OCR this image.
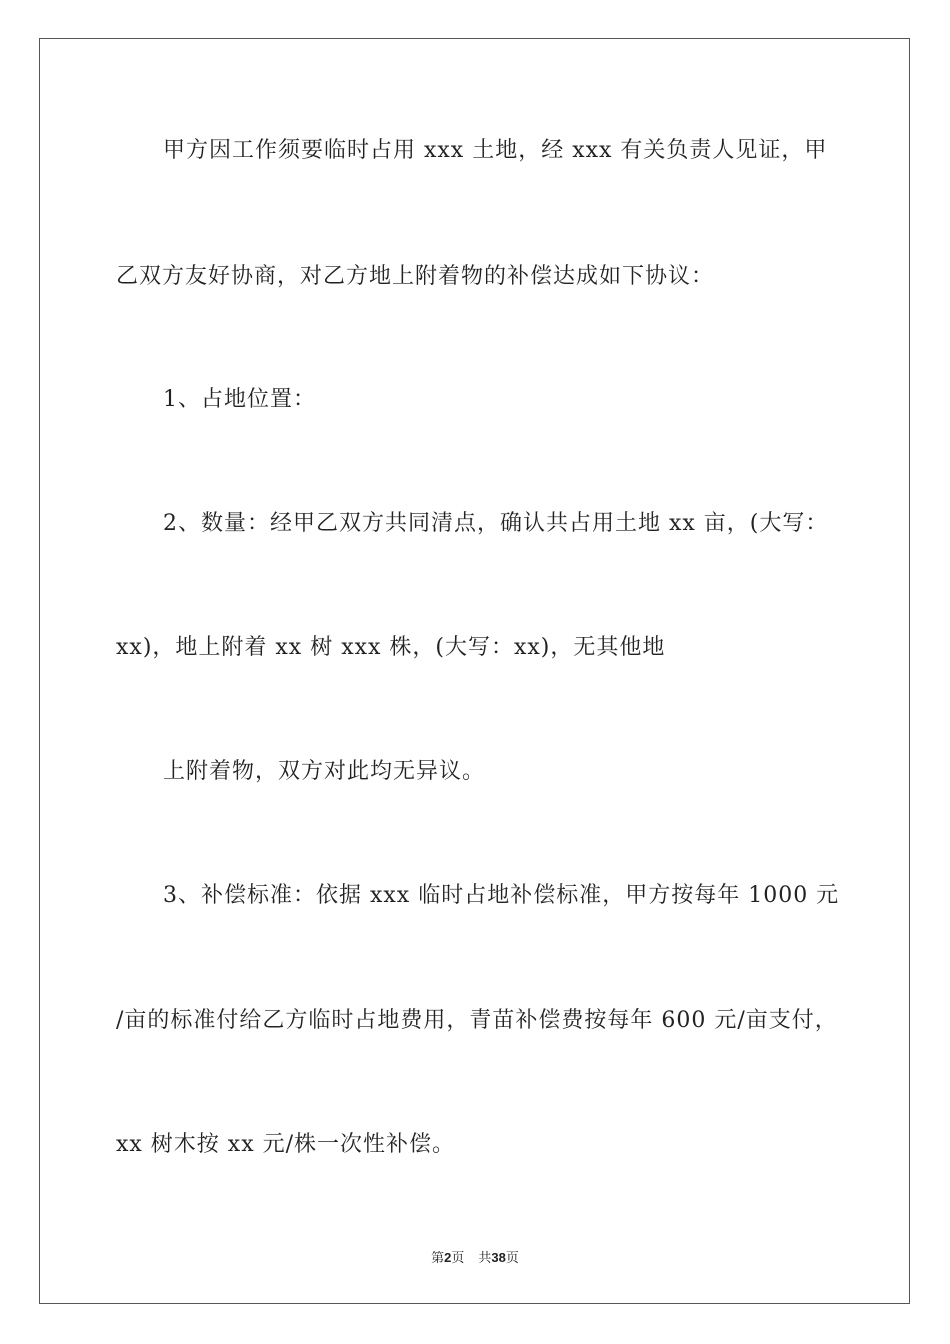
甲方因工作须要临时占用 xxx 土地，经 xxx 有关负责人见证，甲
乙双方友好协商，对乙方地上附着物的补偿达成如下协议：
1、占地位置：
2、数量：经甲乙双方共同清点，确认共占用土地 xx 亩，(大写：
xx)，地上附着 xx 树 xxx 株，(大写：xx)，无其他地
上附着物，双方对此均无异议。
3、补偿标准：依据 xxx 临时占地补偿标准，甲方按每年 1000 元
/亩的标准付给乙方临时占地费用，青苗补偿费按每年 600 元/亩支付，
xx 树木按 xx 元/株一次性补偿。
第2页 共38页
